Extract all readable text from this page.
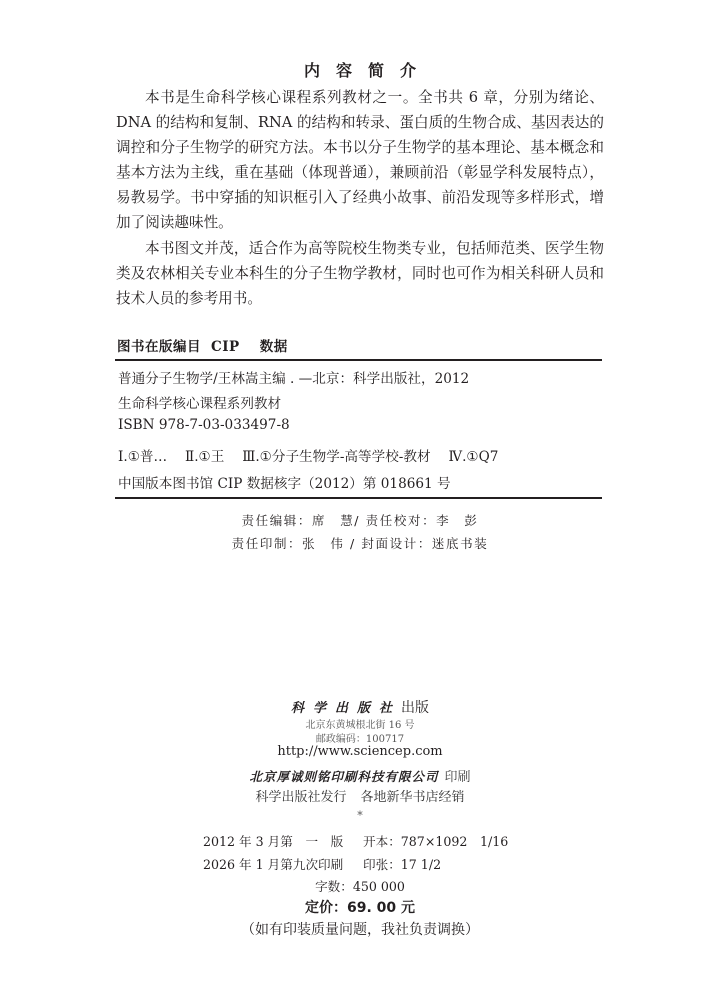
内容简介

本书是生命科学核心课程系列教材之一。全书共 6 章，分别为绪论、DNA 的结构和复制、RNA 的结构和转录、蛋白质的生物合成、基因表达的调控和分子生物学的研究方法。本书以分子生物学的基本理论、基本概念和基本方法为主线，重在基础（体现普通），兼顾前沿（彰显学科发展特点），易教易学。书中穿插的知识框引入了经典小故事、前沿发现等多样形式，增加了阅读趣味性。

本书图文并茂，适合作为高等院校生物类专业，包括师范类、医学生物类及农林相关专业本科生的分子生物学教材，同时也可作为相关科研人员和技术人员的参考用书。

图书在版编目 CIP 数据
普通分子生物学/王林嵩主编 . —北京：科学出版社，2012
生命科学核心课程系列教材
ISBN 978-7-03-033497-8
Ⅰ.①普…　 Ⅱ.①王　 Ⅲ.①分子生物学-高等学校-教材　 Ⅳ.①Q7
中国版本图书馆 CIP 数据核字（2012）第 018661 号
责任编辑：席　慧/ 责任校对：李　彭
责任印制：张　伟 / 封面设计：迷底书装
科学出版社出版
北京东黄城根北街 16 号
邮政编码：100717
http://www.sciencep.com
北京厚诚则铭印刷科技有限公司 印刷
科学出版社发行 各地新华书店经销
*
2012 年 3 月第　一　版 开本：787×1092　1/16
2026 年 1 月第九次印刷 印张：17 1/2
字数：450 000
定价：69. 00 元
（如有印装质量问题，我社负责调换）
